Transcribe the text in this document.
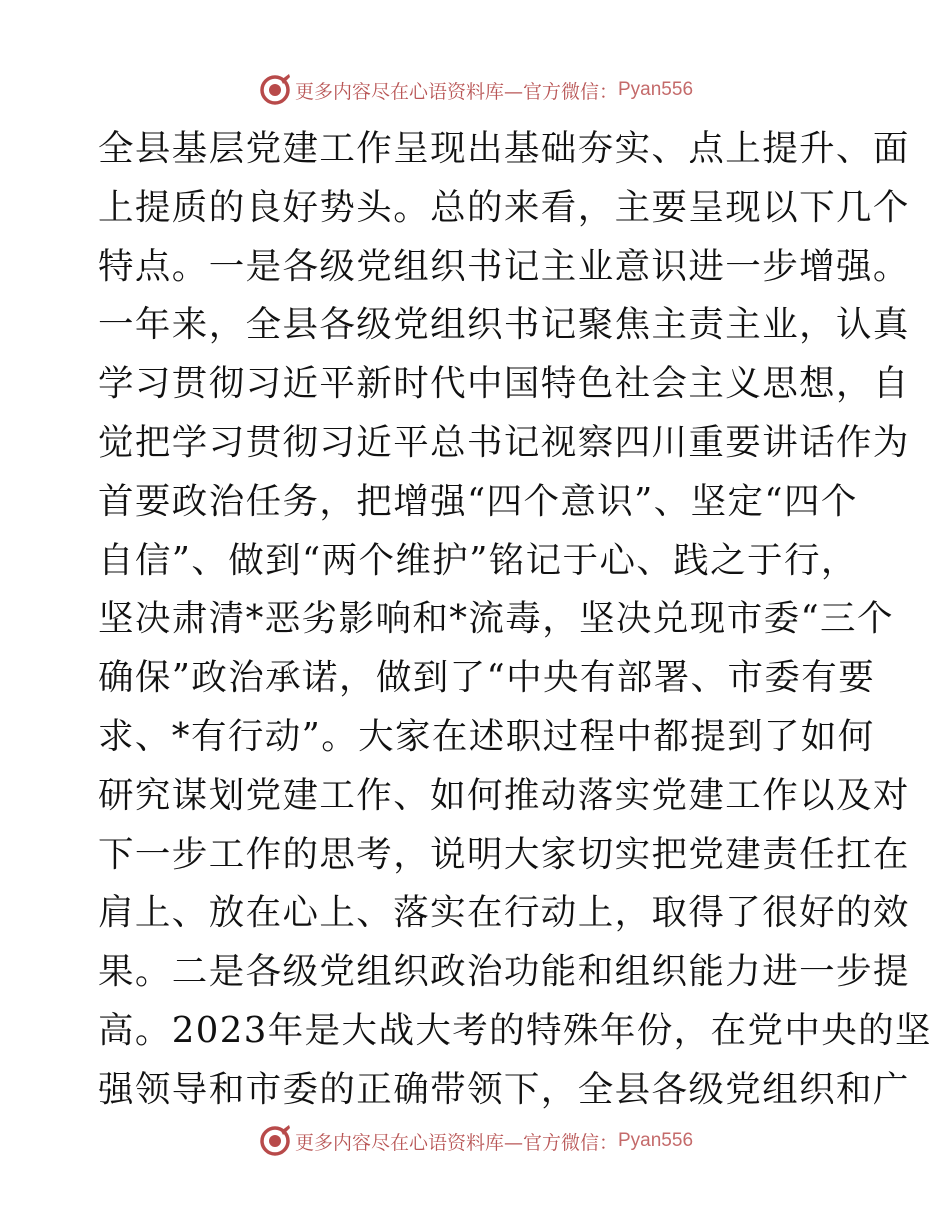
更多内容尽在心语资料库—官方微信： Pyan556
全县基层党建工作呈现出基础夯实、点上提升、面
上提质的良好势头。总的来看，主要呈现以下几个
特点。一是各级党组织书记主业意识进一步增强。
一年来，全县各级党组织书记聚焦主责主业，认真
学习贯彻习近平新时代中国特色社会主义思想，自
觉把学习贯彻习近平总书记视察四川重要讲话作为
首要政治任务，把增强“四个意识”、坚定“四个
自信”、做到“两个维护”铭记于心、践之于行，
坚决肃清*恶劣影响和*流毒，坚决兑现市委“三个
确保”政治承诺，做到了“中央有部署、市委有要
求、*有行动”。大家在述职过程中都提到了如何
研究谋划党建工作、如何推动落实党建工作以及对
下一步工作的思考，说明大家切实把党建责任扛在
肩上、放在心上、落实在行动上，取得了很好的效
果。二是各级党组织政治功能和组织能力进一步提
高。2023年是大战大考的特殊年份，在党中央的坚
强领导和市委的正确带领下，全县各级党组织和广
更多内容尽在心语资料库—官方微信： Pyan556
